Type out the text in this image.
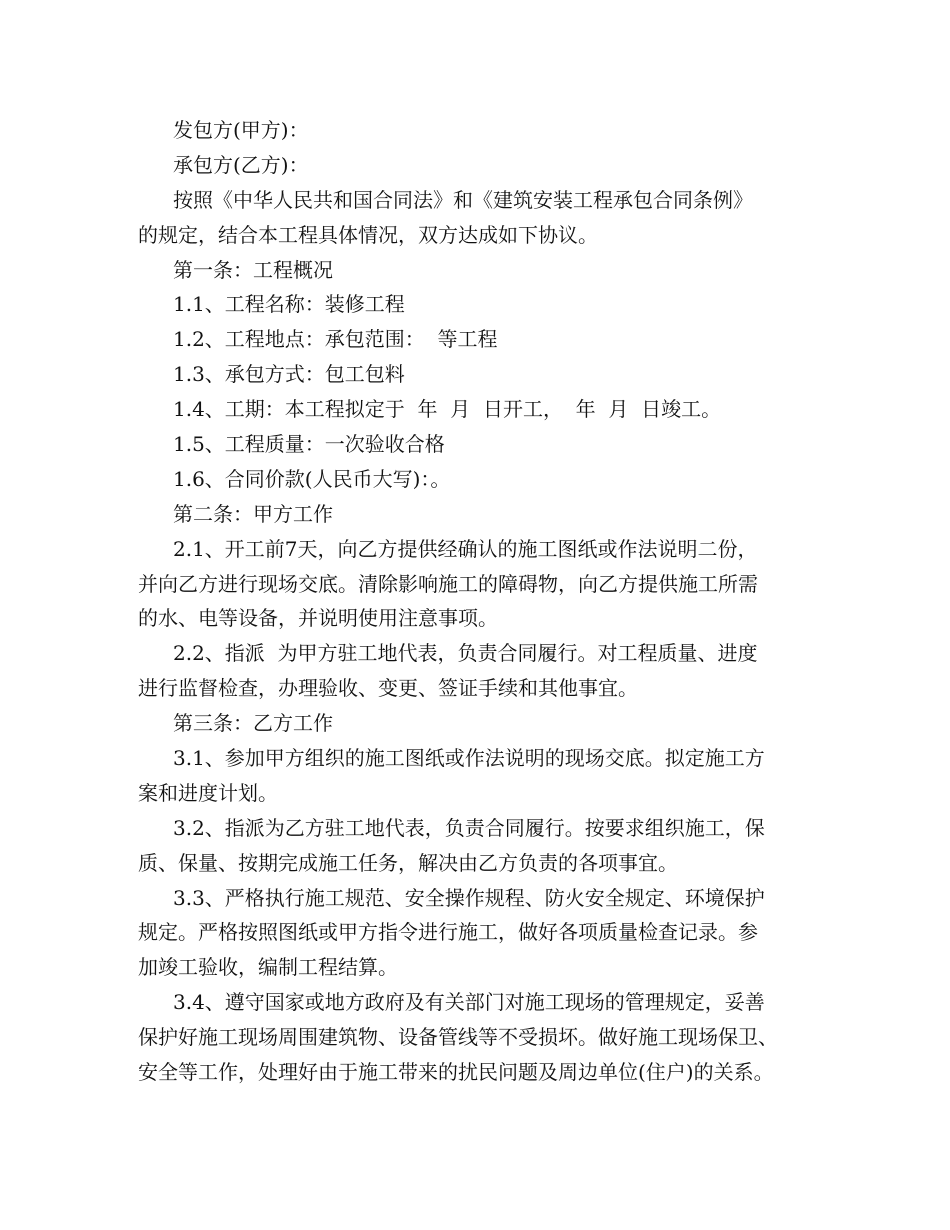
发包方(甲方)：
承包方(乙方)：
按照《中华人民共和国合同法》和《建筑安装工程承包合同条例》
的规定，结合本工程具体情况，双方达成如下协议。
第一条：工程概况
1.1、工程名称：装修工程
1.2、工程地点：承包范围：  等工程
1.3、承包方式：包工包料
1.4、工期：本工程拟定于  年  月  日开工，  年  月  日竣工。
1.5、工程质量：一次验收合格
1.6、合同价款(人民币大写)：。
第二条：甲方工作
2.1、开工前7天，向乙方提供经确认的施工图纸或作法说明二份，
并向乙方进行现场交底。清除影响施工的障碍物，向乙方提供施工所需
的水、电等设备，并说明使用注意事项。
2.2、指派  为甲方驻工地代表，负责合同履行。对工程质量、进度
进行监督检查，办理验收、变更、签证手续和其他事宜。
第三条：乙方工作
3.1、参加甲方组织的施工图纸或作法说明的现场交底。拟定施工方
案和进度计划。
3.2、指派为乙方驻工地代表，负责合同履行。按要求组织施工，保
质、保量、按期完成施工任务，解决由乙方负责的各项事宜。
3.3、严格执行施工规范、安全操作规程、防火安全规定、环境保护
规定。严格按照图纸或甲方指令进行施工，做好各项质量检查记录。参
加竣工验收，编制工程结算。
3.4、遵守国家或地方政府及有关部门对施工现场的管理规定，妥善
保护好施工现场周围建筑物、设备管线等不受损坏。做好施工现场保卫、
安全等工作，处理好由于施工带来的扰民问题及周边单位(住户)的关系。
